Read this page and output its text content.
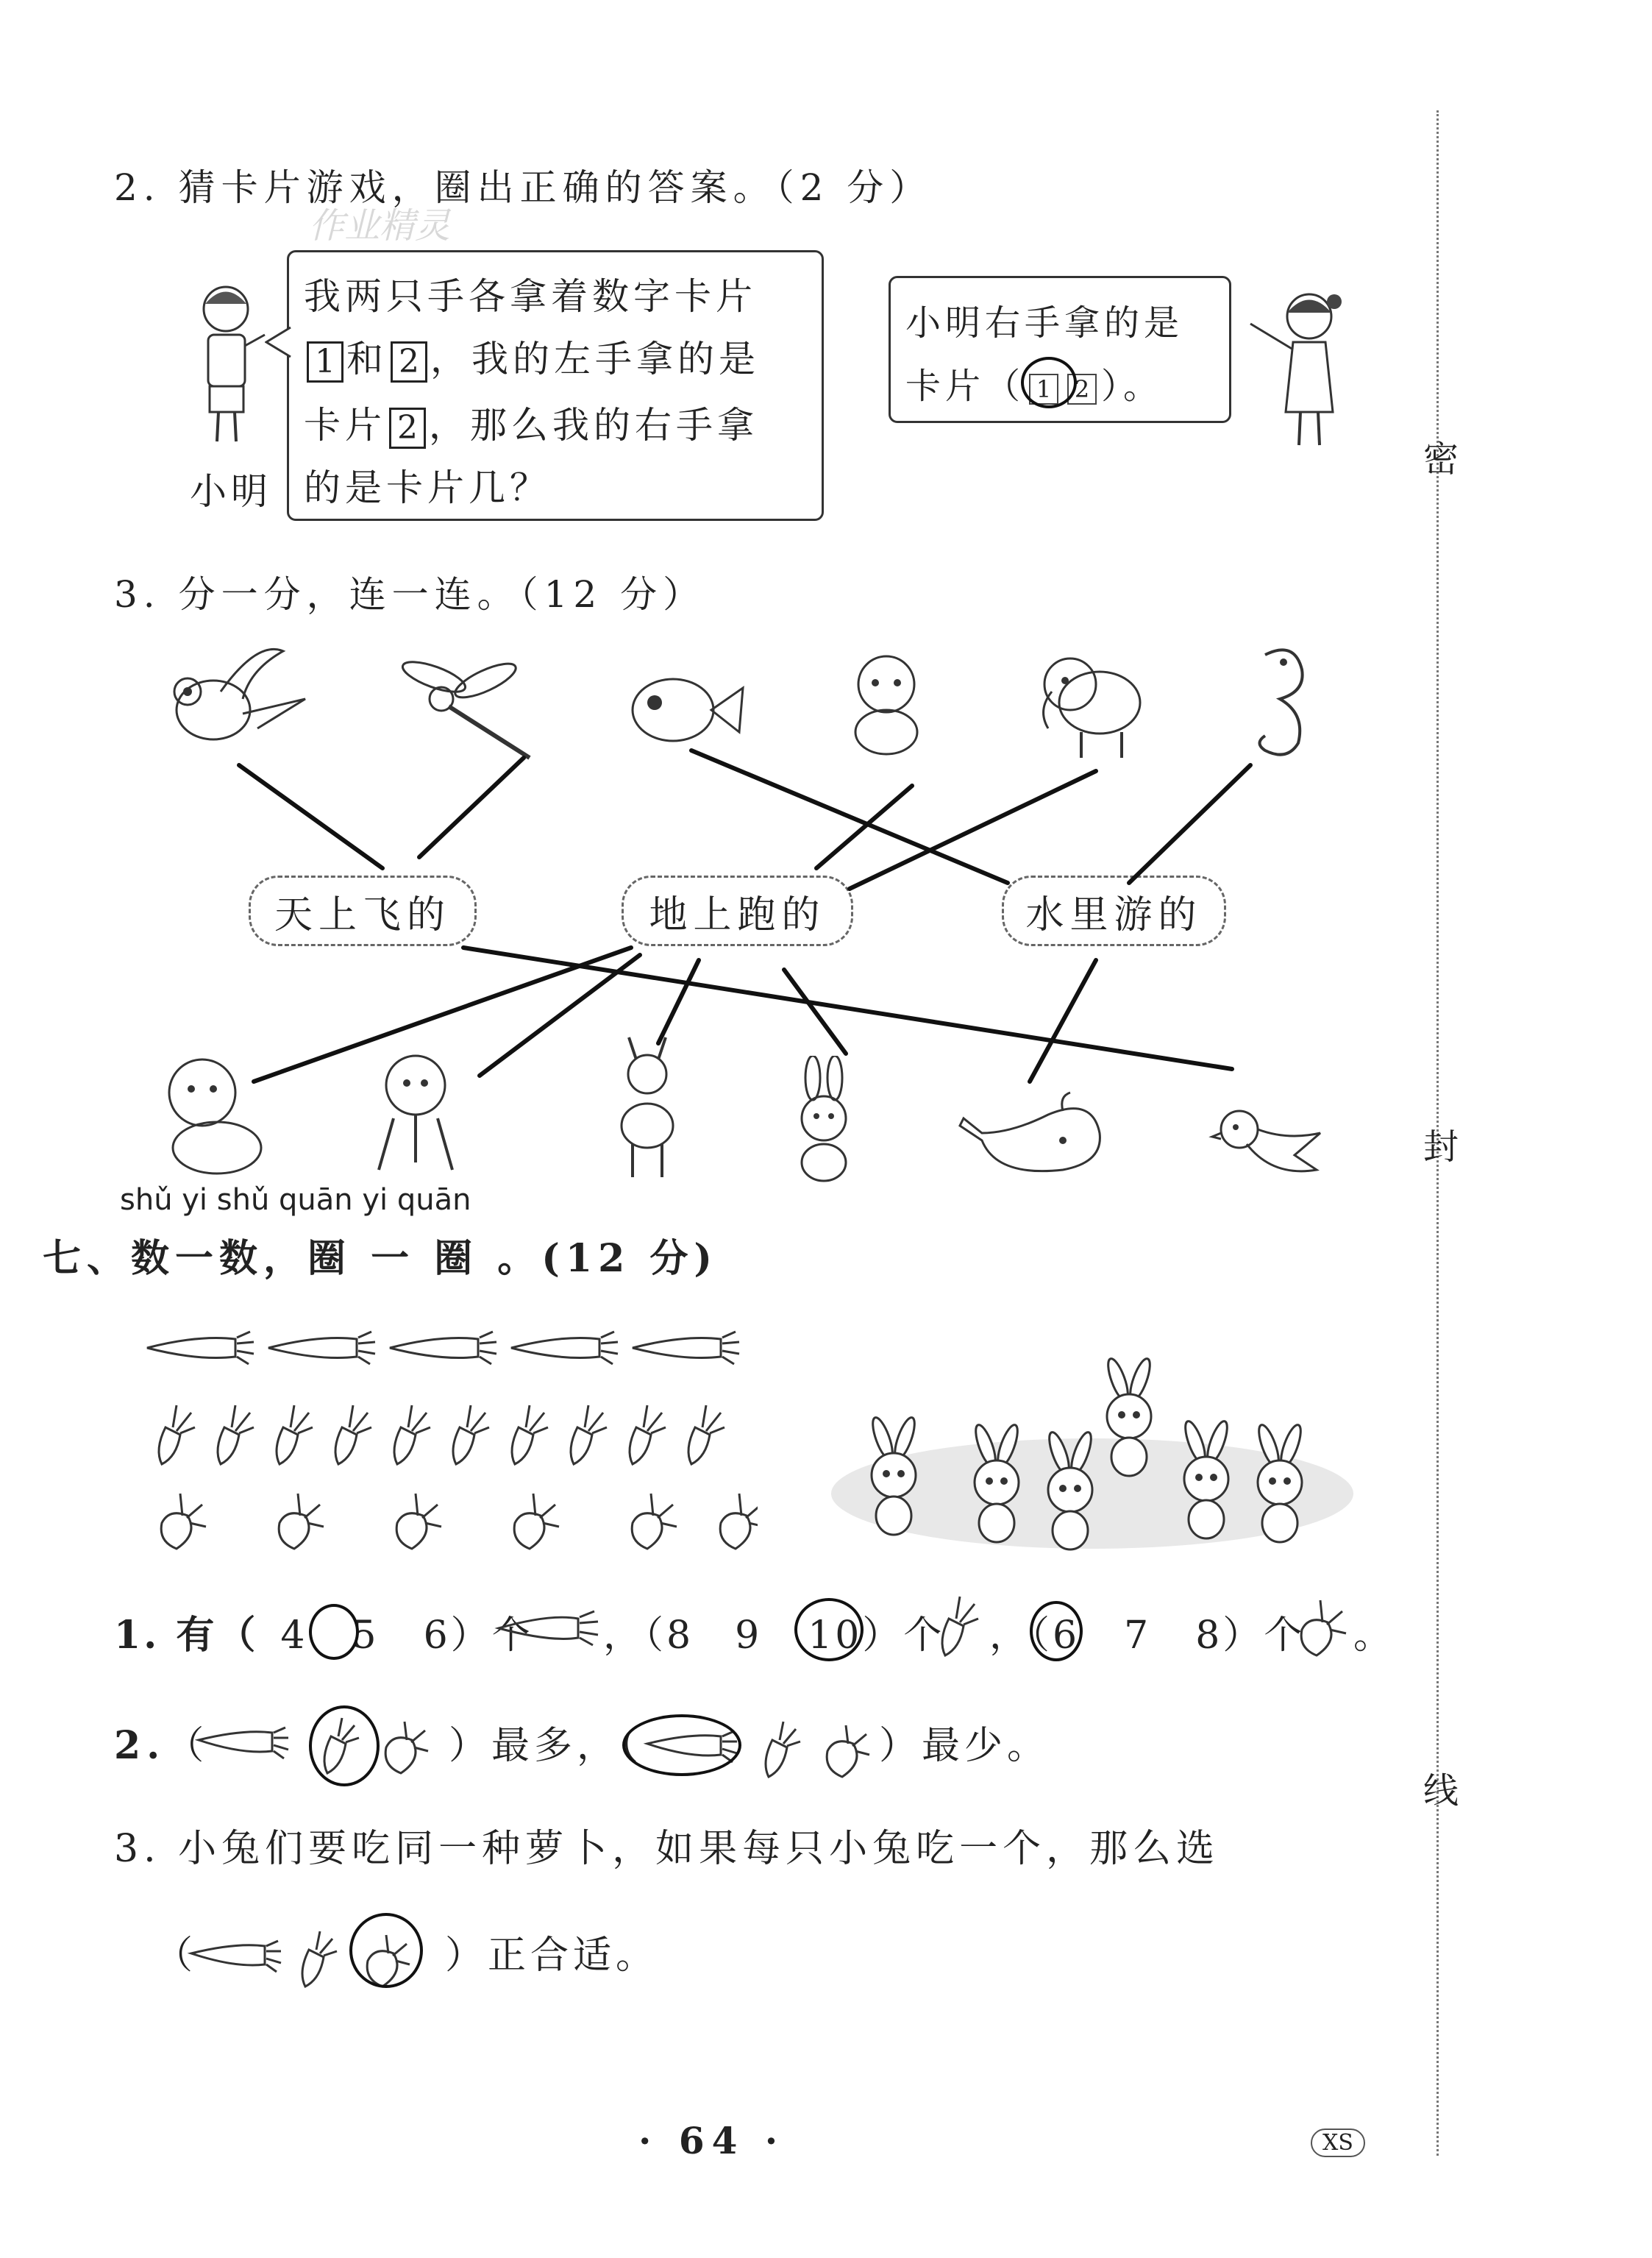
密
封
线
2. 猜卡片游戏，圈出正确的答案。（2 分）
作业精灵
小明
我两只手各拿着数字卡片
1 和 2 ，我的左手拿的是
卡片 2 ，那么我的右手拿
的是卡片几？
小明右手拿的是
卡片（ 1 2 ）。
3. 分一分，连一连。（12 分）
天上飞的	地上跑的	水里游的
shǔ yi shǔ quān yi quān
七、数一数，圈 一 圈 。(12 分)
1. 有（ 4 5 6）个 ，（8 9 10）个 ，（6 7 8）个 。
2.（	）最多，（	）最少。
3. 小兔们要吃同一种萝卜，如果每只小兔吃一个，那么选
（	）正合适。
· 64 ·	XS
